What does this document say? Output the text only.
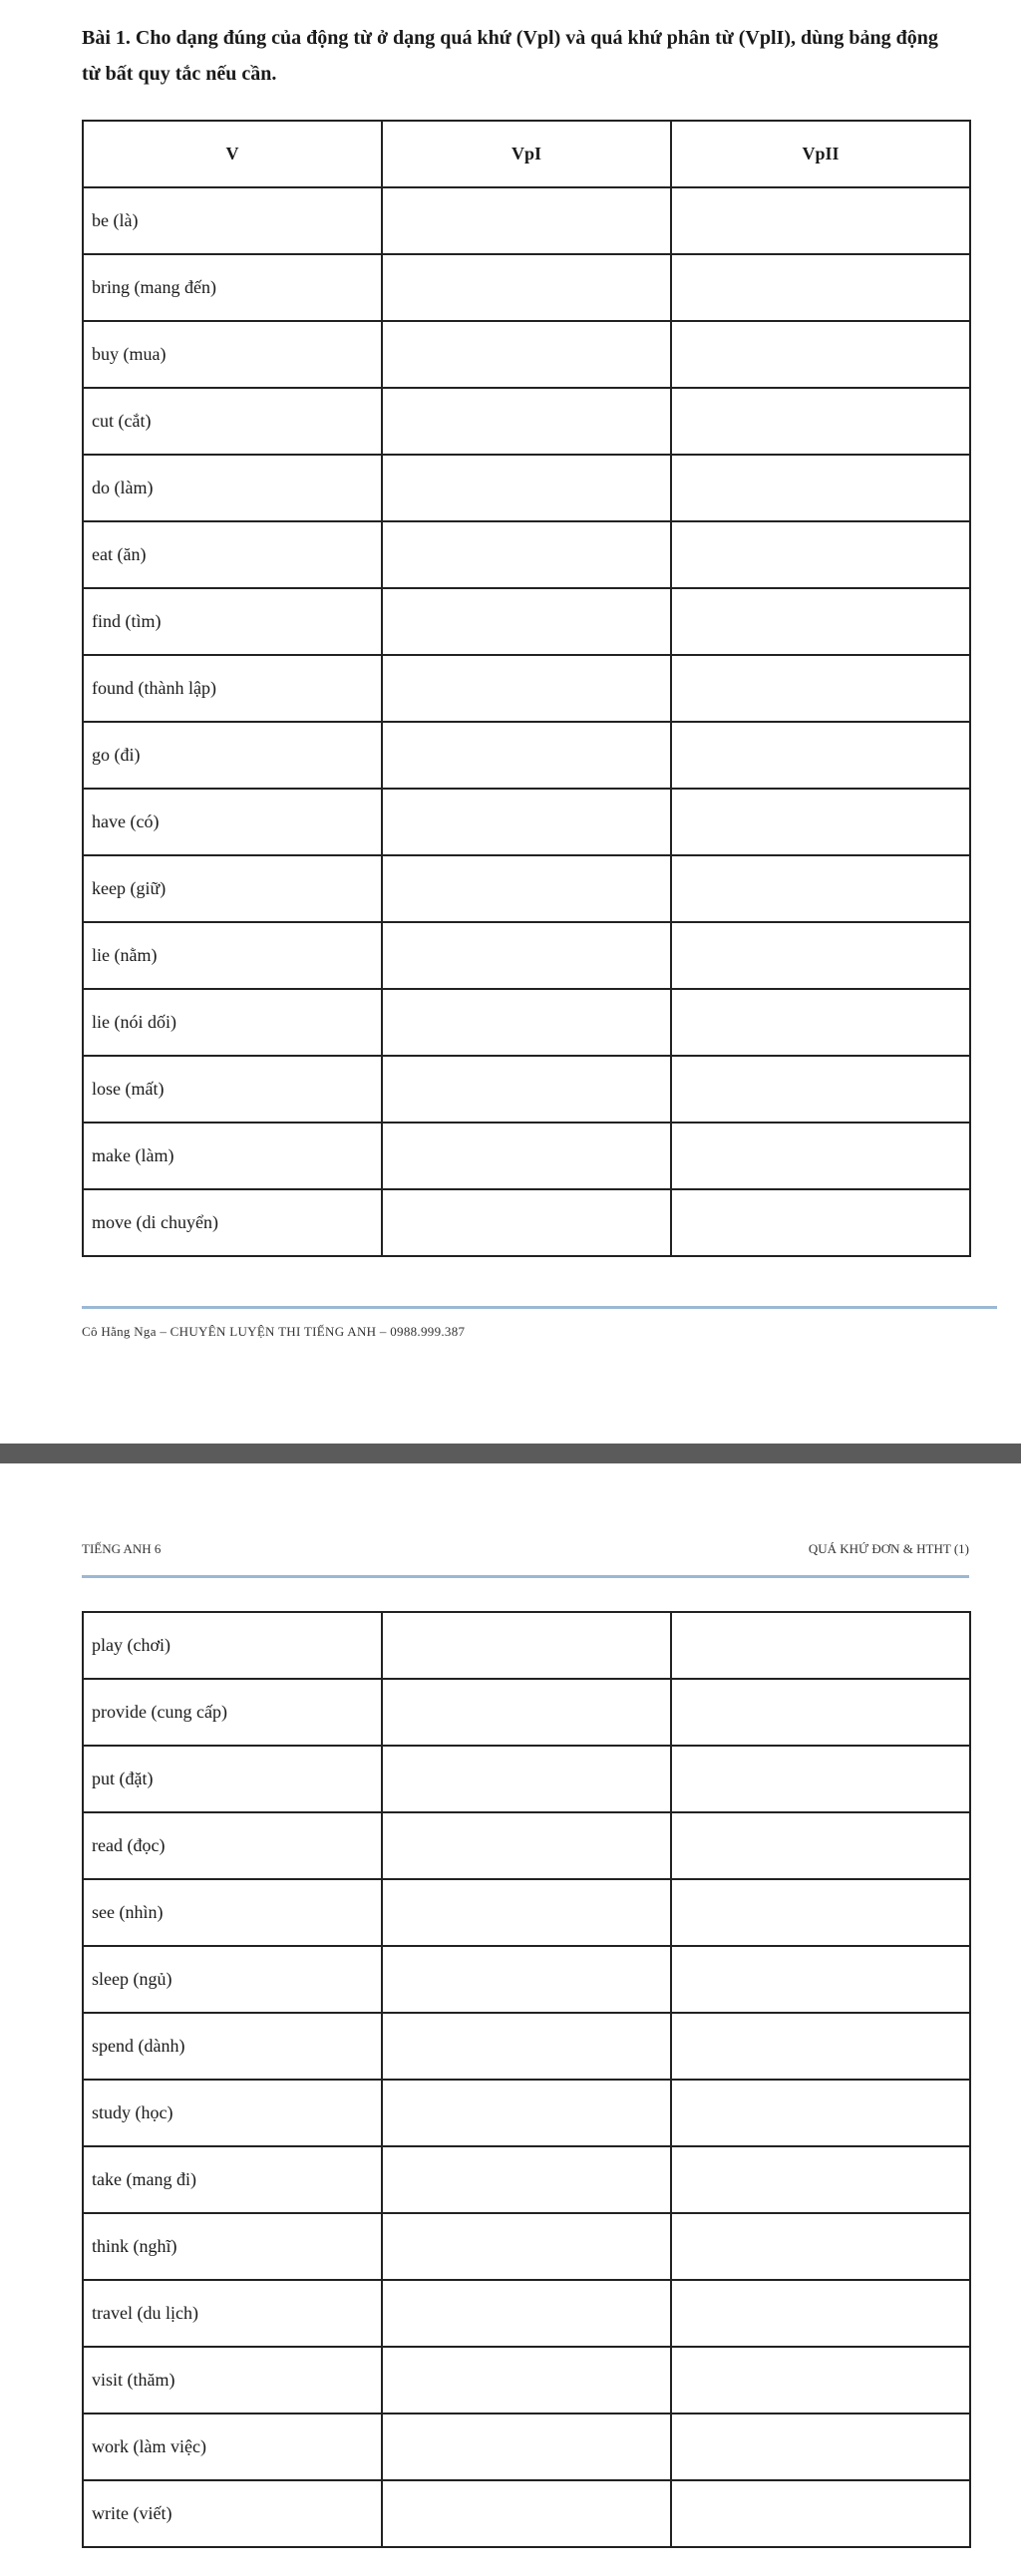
Bài 1. Cho dạng đúng của động từ ở dạng quá khứ (Vpl) và quá khứ phân từ (VplI), dùng bảng động từ bất quy tắc nếu cần.
V	VpI	VpII
be (là)		
bring (mang đến)		
buy (mua)		
cut (cắt)		
do (làm)		
eat (ăn)		
find (tìm)		
found (thành lập)		
go (đi)		
have (có)		
keep (giữ)		
lie (nằm)		
lie (nói dối)		
lose (mất)		
make (làm)		
move (di chuyển)		
Cô Hằng Nga – CHUYÊN LUYỆN THI TIẾNG ANH – 0988.999.387
TIẾNG ANH 6	QUÁ KHỨ ĐƠN & HTHT (1)
play (chơi)		
provide (cung cấp)		
put (đặt)		
read (đọc)		
see (nhìn)		
sleep (ngủ)		
spend (dành)		
study (học)		
take (mang đi)		
think (nghĩ)		
travel (du lịch)		
visit (thăm)		
work (làm việc)		
write (viết)		
